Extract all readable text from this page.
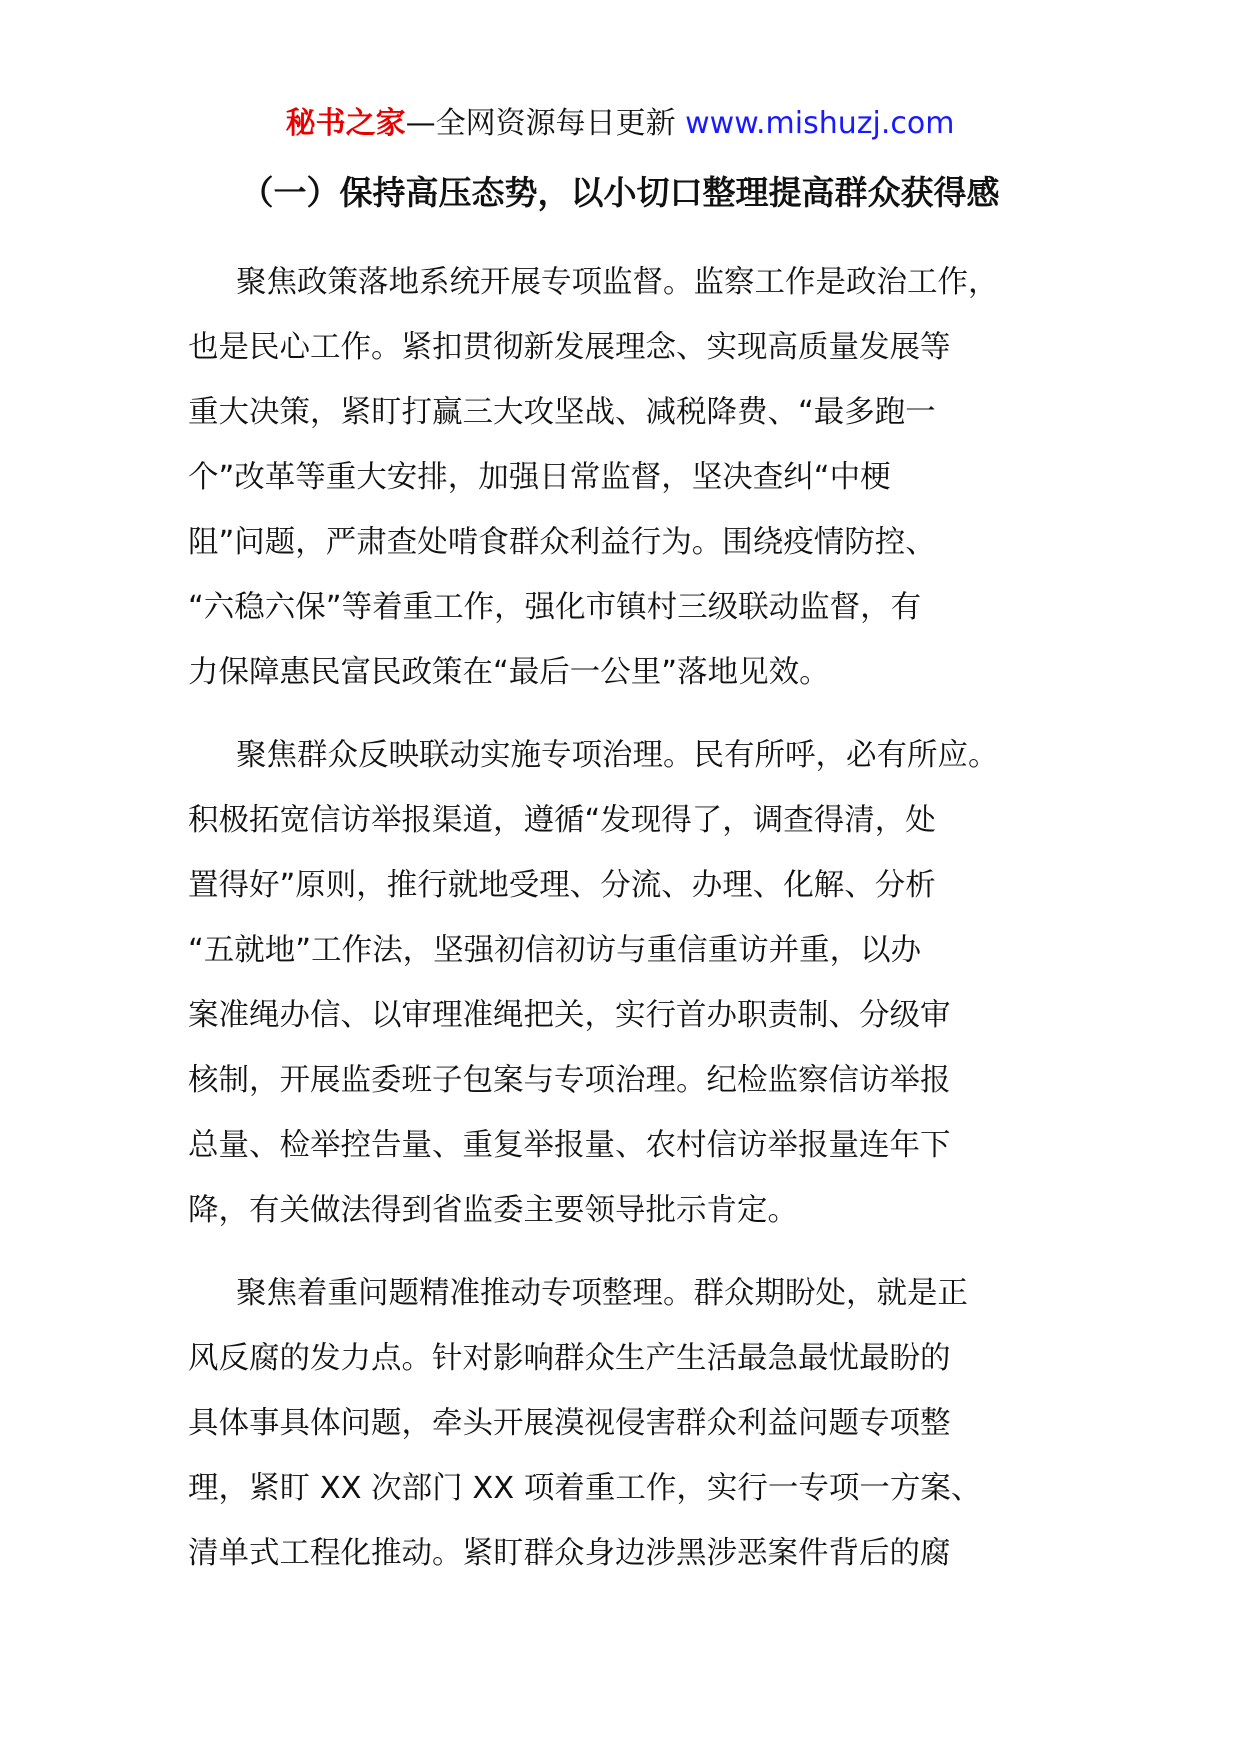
秘书之家—全网资源每日更新 www.mishuzj.com
（一）保持高压态势，以小切口整理提高群众获得感
聚焦政策落地系统开展专项监督。监察工作是政治工作，
也是民心工作。紧扣贯彻新发展理念、实现高质量发展等
重大决策，紧盯打赢三大攻坚战、减税降费、“最多跑一
个”改革等重大安排，加强日常监督，坚决查纠“中梗
阻”问题，严肃查处啃食群众利益行为。围绕疫情防控、
“六稳六保”等着重工作，强化市镇村三级联动监督，有
力保障惠民富民政策在“最后一公里”落地见效。
聚焦群众反映联动实施专项治理。民有所呼，必有所应。
积极拓宽信访举报渠道，遵循“发现得了，调查得清，处
置得好”原则，推行就地受理、分流、办理、化解、分析
“五就地”工作法，坚强初信初访与重信重访并重，以办
案准绳办信、以审理准绳把关，实行首办职责制、分级审
核制，开展监委班子包案与专项治理。纪检监察信访举报
总量、检举控告量、重复举报量、农村信访举报量连年下
降，有关做法得到省监委主要领导批示肯定。
聚焦着重问题精准推动专项整理。群众期盼处，就是正
风反腐的发力点。针对影响群众生产生活最急最忧最盼的
具体事具体问题，牵头开展漠视侵害群众利益问题专项整
理，紧盯 XX 次部门 XX 项着重工作，实行一专项一方案、
清单式工程化推动。紧盯群众身边涉黑涉恶案件背后的腐
